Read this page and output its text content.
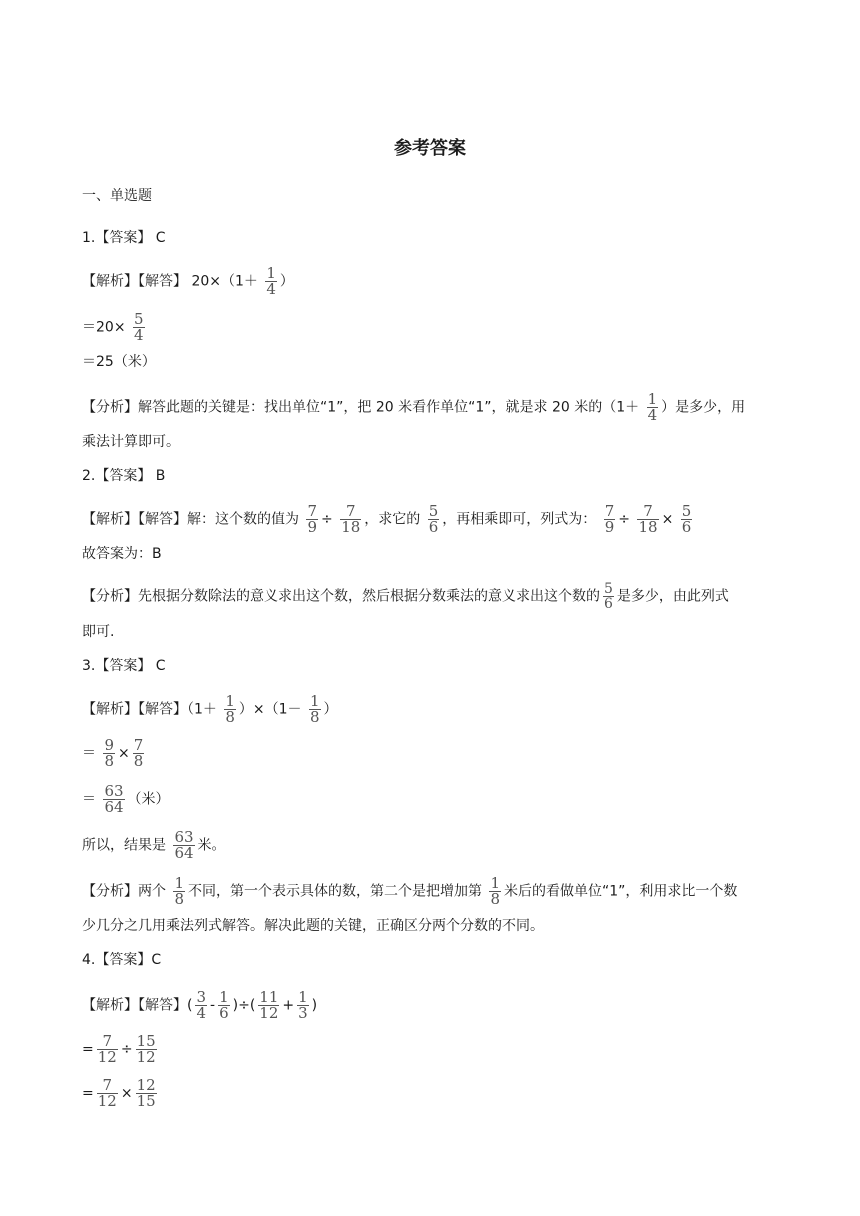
参考答案
一、单选题
1.【答案】 C
【解析】【解答】 $20\times(1+ \frac{1}{4}$ ）
$=20\times \frac{5}{4}$
＝25（米）
【分析】解答此题的关键是：找出单位“1”，把 20 米看作单位“1”，就是求 20 米的（$1+ \frac{1}{4}$ ）是多少，用
乘法计算即可。
2.【答案】 B
【解析】【解答】解：这个数的值为 $\frac{7}{9} \div \frac{7}{18}$ ，求它的 $\frac{5}{6}$ ，再相乘即可，列式为： $\frac{7}{9} \div \frac{7}{18} \times \frac{5}{6}$
故答案为：B
【分析】先根据分数除法的意义求出这个数，然后根据分数乘法的意义求出这个数的 $\frac{5}{6}$ 是多少，由此列式
即可.
3.【答案】 C
【解析】【解答】$(1+ \frac{1}{8} )\times(1- \frac{1}{8}$ ）
＝ $\frac{9}{8} \times \frac{7}{8}$
＝ $\frac{63}{64}$ （米）
所以，结果是 $\frac{63}{64}$ 米。
【分析】两个 $\frac{1}{8}$ 不同，第一个表示具体的数，第二个是把增加第 $\frac{1}{8}$ 米后的看做单位“1”，利用求比一个数
少几分之几用乘法列式解答。解决此题的关键，正确区分两个分数的不同。
4.【答案】C
【解析】【解答】( $\frac{3}{4} - \frac{1}{6}$ )÷( $\frac{11}{12} + \frac{1}{3}$ )
= $\frac{7}{12} \div \frac{15}{12}$
= $\frac{7}{12} \times \frac{12}{15}$
